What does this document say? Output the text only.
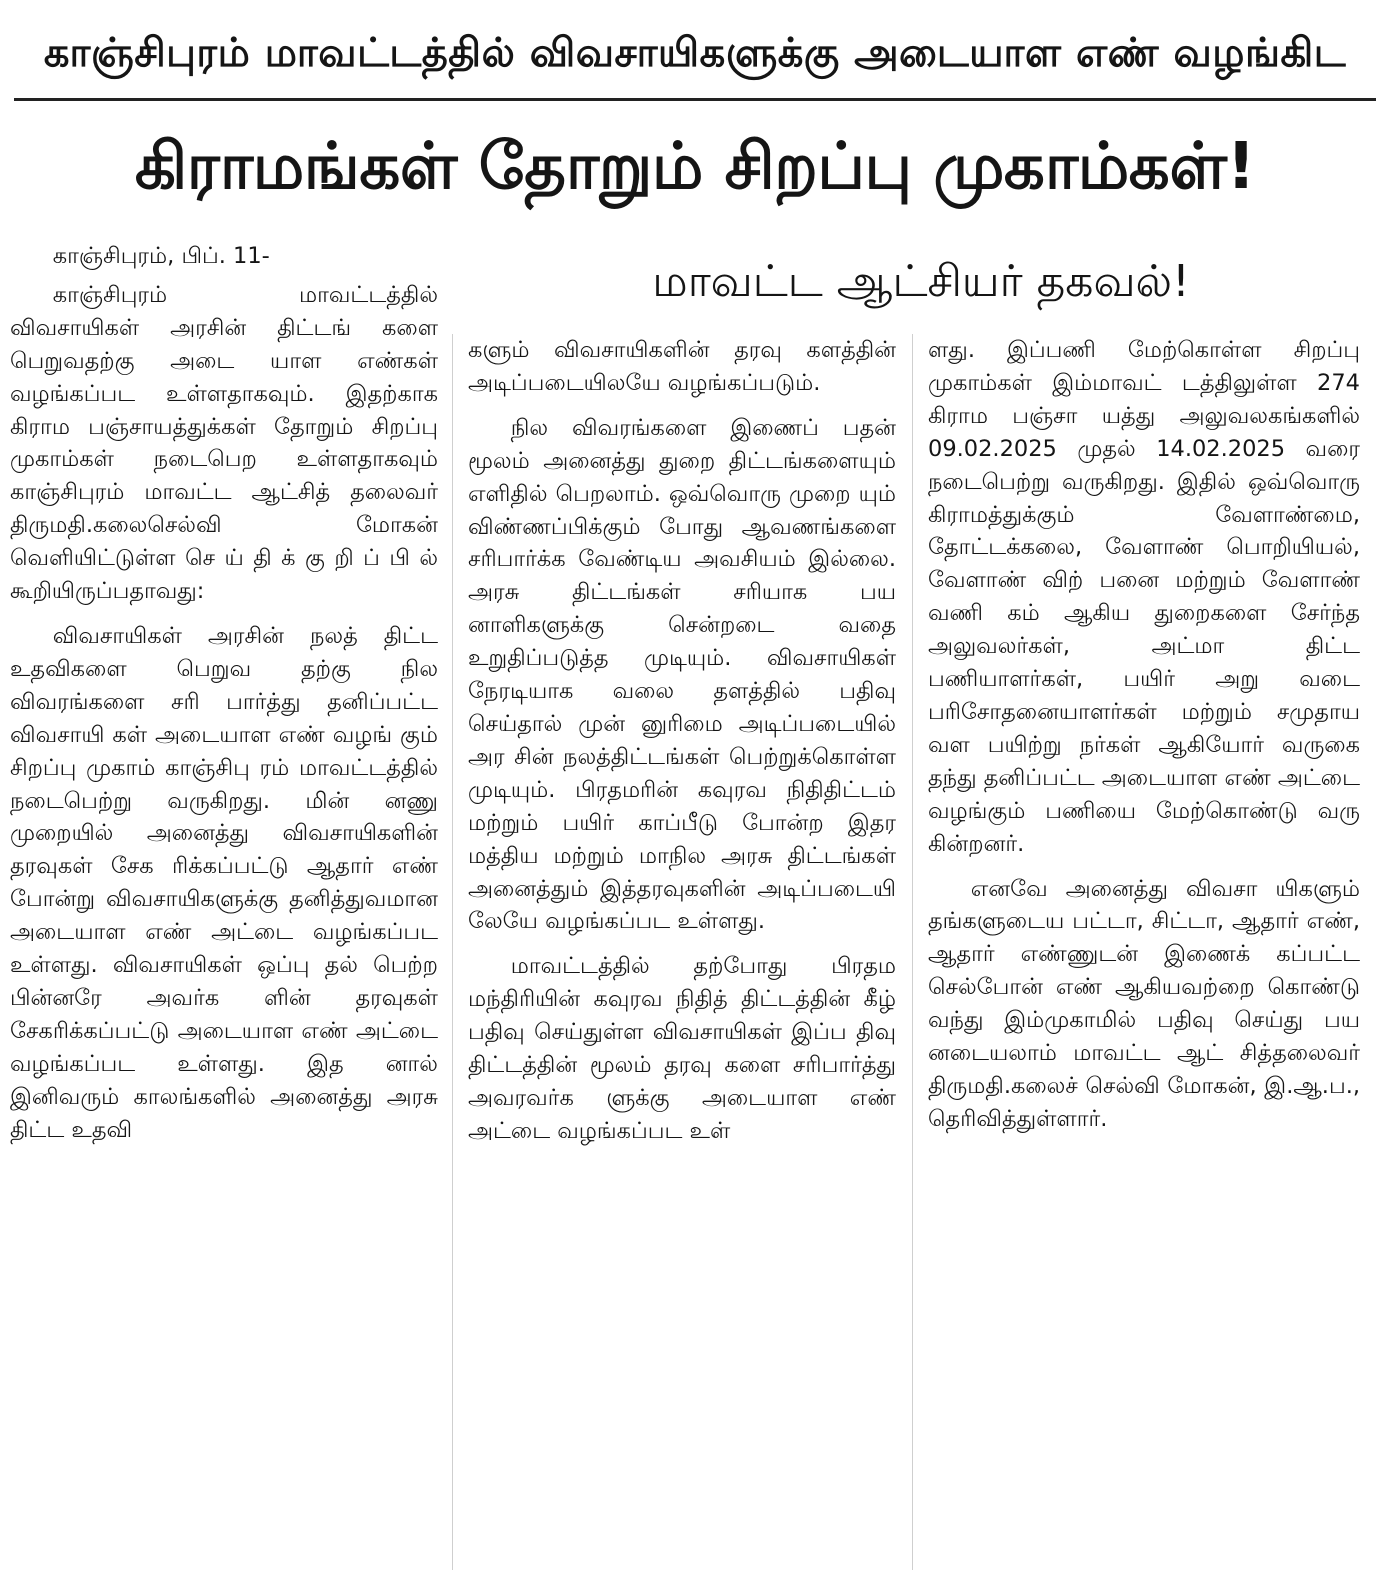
காஞ்சிபுரம் மாவட்டத்தில் விவசாயிகளுக்கு அடையாள எண் வழங்கிட
கிராமங்கள் தோறும் சிறப்பு முகாம்கள்!
மாவட்ட ஆட்சியர் தகவல்!
காஞ்சிபுரம், பிப். 11-

காஞ்சிபுரம் மாவட்டத்தில் விவசாயிகள் அரசின் திட்டங் களை பெறுவதற்கு அடை யாள எண்கள் வழங்கப்பட உள்ளதாகவும். இதற்காக கிராம பஞ்சாயத்துக்கள் தோறும் சிறப்பு முகாம்கள் நடைபெற உள்ளதாகவும் காஞ்சிபுரம் மாவட்ட ஆட்சித் தலைவர் திருமதி.கலைசெல்வி மோகன் வெளியிட்டுள்ள செ ய் தி க் கு றி ப் பி ல் கூறியிருப்பதாவது:

விவசாயிகள் அரசின் நலத் திட்ட உதவிகளை பெறுவ தற்கு நில விவரங்களை சரி பார்த்து தனிப்பட்ட விவசாயி கள் அடையாள எண் வழங் கும் சிறப்பு முகாம் காஞ்சிபு ரம் மாவட்டத்தில் நடைபெற்று வருகிறது. மின் னணு முறையில் அனைத்து விவசாயிகளின் தரவுகள் சேக ரிக்கப்பட்டு ஆதார் எண் போன்று விவசாயிகளுக்கு தனித்துவமான அடையாள எண் அட்டை வழங்கப்பட உள்ளது. விவசாயிகள் ஒப்பு தல் பெற்ற பின்னரே அவர்க ளின் தரவுகள் சேகரிக்கப்பட்டு அடையாள எண் அட்டை வழங்கப்பட உள்ளது. இத னால் இனிவரும் காலங்களில் அனைத்து அரசு திட்ட உதவி

களும் விவசாயிகளின் தரவு களத்தின் அடிப்படையிலயே வழங்கப்படும்.

நில விவரங்களை இணைப் பதன் மூலம் அனைத்து துறை திட்டங்களையும் எளிதில் பெறலாம். ஒவ்வொரு முறை யும் விண்ணப்பிக்கும் போது ஆவணங்களை சரிபார்க்க வேண்டிய அவசியம் இல்லை. அரசு திட்டங்கள் சரியாக பய னாளிகளுக்கு சென்றடை வதை உறுதிப்படுத்த முடியும். விவசாயிகள் நேரடியாக வலை தளத்தில் பதிவு செய்தால் முன் னுரிமை அடிப்படையில் அர சின் நலத்திட்டங்கள் பெற்றுக்கொள்ள முடியும். பிரதமரின் கவுரவ நிதிதிட்டம் மற்றும் பயிர் காப்பீடு போன்ற இதர மத்திய மற்றும் மாநில அரசு திட்டங்கள் அனைத்தும் இத்தரவுகளின் அடிப்படையி லேயே வழங்கப்பட உள்ளது.

மாவட்டத்தில் தற்போது பிரதம மந்திரியின் கவுரவ நிதித் திட்டத்தின் கீழ் பதிவு செய்துள்ள விவசாயிகள் இப்ப திவு திட்டத்தின் மூலம் தரவு களை சரிபார்த்து அவரவர்க ளுக்கு அடையாள எண் அட்டை வழங்கப்பட உள்

ளது. இப்பணி மேற்கொள்ள சிறப்பு முகாம்கள் இம்மாவட் டத்திலுள்ள 274 கிராம பஞ்சா யத்து அலுவலகங்களில் 09.02.2025 முதல் 14.02.2025 வரை நடைபெற்று வருகிறது. இதில் ஒவ்வொரு கிராமத்துக்கும் வேளாண்மை, தோட்டக்கலை, வேளாண் பொறியியல், வேளாண் விற் பனை மற்றும் வேளாண் வணி கம் ஆகிய துறைகளை சேர்ந்த அலுவலர்கள், அட்மா திட்ட பணியாளர்கள், பயிர் அறு வடை பரிசோதனையாளர்கள் மற்றும் சமுதாய வள பயிற்று நர்கள் ஆகியோர் வருகை தந்து தனிப்பட்ட அடையாள எண் அட்டை வழங்கும் பணியை மேற்கொண்டு வரு கின்றனர்.

எனவே அனைத்து விவசா யிகளும் தங்களுடைய பட்டா, சிட்டா, ஆதார் எண், ஆதார் எண்ணுடன் இணைக் கப்பட்ட செல்போன் எண் ஆகியவற்றை கொண்டு வந்து இம்முகாமில் பதிவு செய்து பய னடையலாம் மாவட்ட ஆட் சித்தலைவர் திருமதி.கலைச் செல்வி மோகன், இ.ஆ.ப., தெரிவித்துள்ளார்.
